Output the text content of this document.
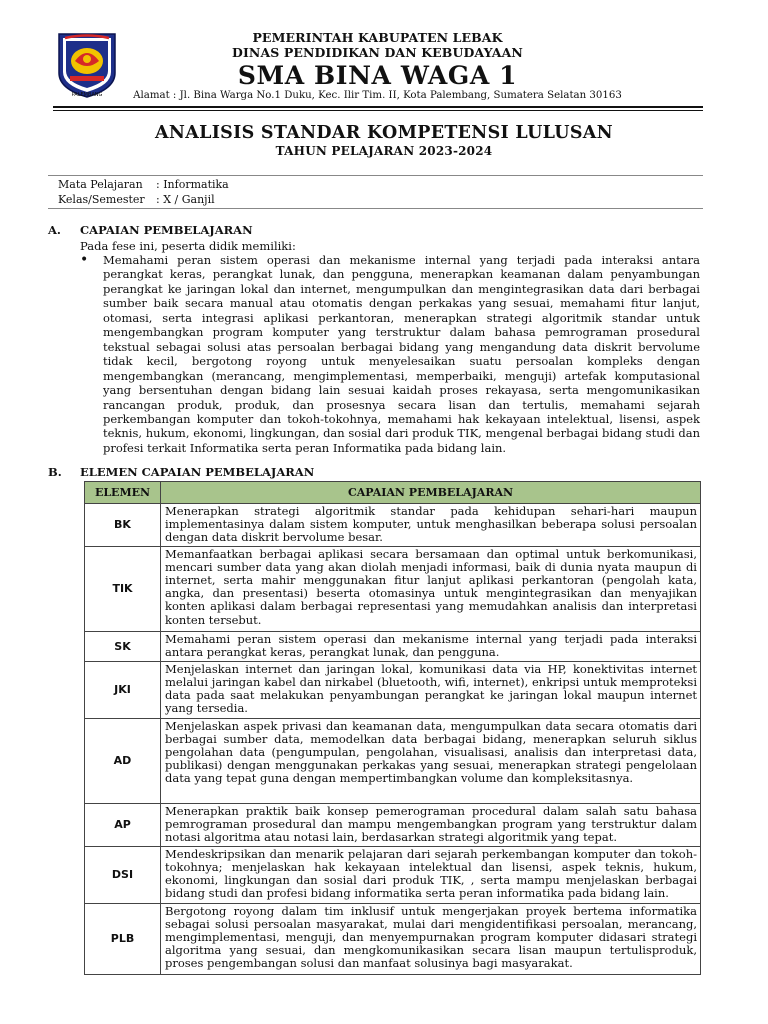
PALEMBANG
PEMERINTAH KABUPATEN LEBAK
DINAS PENDIDIKAN DAN KEBUDAYAAN
SMA BINA WAGA 1
Alamat : Jl. Bina Warga No.1 Duku, Kec. Ilir Tim. II, Kota Palembang, Sumatera Selatan 30163
ANALISIS STANDAR KOMPETENSI LULUSAN
TAHUN PELAJARAN 2023-2024
Mata Pelajaran : Informatika
Kelas/Semester : X / Ganjil
A. CAPAIAN PEMBELAJARAN
Pada fese ini, peserta didik memiliki:
• Memahami peran sistem operasi dan mekanisme internal yang terjadi pada interaksi antara perangkat keras, perangkat lunak, dan pengguna, menerapkan keamanan dalam penyambungan perangkat ke jaringan lokal dan internet, mengumpulkan dan mengintegrasikan data dari berbagai sumber baik secara manual atau otomatis dengan perkakas yang sesuai, memahami fitur lanjut, otomasi, serta integrasi aplikasi perkantoran, menerapkan strategi algoritmik standar untuk mengembangkan program komputer yang terstruktur dalam bahasa pemrograman prosedural tekstual sebagai solusi atas persoalan berbagai bidang yang mengandung data diskrit bervolume tidak kecil, bergotong royong untuk menyelesaikan suatu persoalan kompleks dengan mengembangkan (merancang, mengimplementasi, memperbaiki, menguji) artefak komputasional yang bersentuhan dengan bidang lain sesuai kaidah proses rekayasa, serta mengomunikasikan rancangan produk, produk, dan prosesnya secara lisan dan tertulis, memahami sejarah perkembangan komputer dan tokoh-tokohnya, memahami hak kekayaan intelektual, lisensi, aspek teknis, hukum, ekonomi, lingkungan, dan sosial dari produk TIK, mengenal berbagai bidang studi dan profesi terkait Informatika serta peran Informatika pada bidang lain.
B. ELEMEN CAPAIAN PEMBELAJARAN
ELEMEN	CAPAIAN PEMBELAJARAN
BK	Menerapkan strategi algoritmik standar pada kehidupan sehari-hari maupun implementasinya dalam sistem komputer, untuk menghasilkan beberapa solusi persoalan dengan data diskrit bervolume besar.
TIK	Memanfaatkan berbagai aplikasi secara bersamaan dan optimal untuk berkomunikasi, mencari sumber data yang akan diolah menjadi informasi, baik di dunia nyata maupun di internet, serta mahir menggunakan fitur lanjut aplikasi perkantoran (pengolah kata, angka, dan presentasi) beserta otomasinya untuk mengintegrasikan dan menyajikan konten aplikasi dalam berbagai representasi yang memudahkan analisis dan interpretasi konten tersebut.
SK	Memahami peran sistem operasi dan mekanisme internal yang terjadi pada interaksi antara perangkat keras, perangkat lunak, dan pengguna.
JKI	Menjelaskan internet dan jaringan lokal, komunikasi data via HP, konektivitas internet melalui jaringan kabel dan nirkabel (bluetooth, wifi, internet), enkripsi untuk memproteksi data pada saat melakukan penyambungan perangkat ke jaringan lokal maupun internet yang tersedia.
AD	Menjelaskan aspek privasi dan keamanan data, mengumpulkan data secara otomatis dari berbagai sumber data, memodelkan data berbagai bidang, menerapkan seluruh siklus pengolahan data (pengumpulan, pengolahan, visualisasi, analisis dan interpretasi data, publikasi) dengan menggunakan perkakas yang sesuai, menerapkan strategi pengelolaan data yang tepat guna dengan mempertimbangkan volume dan kompleksitasnya.
AP	Menerapkan praktik baik konsep pemerograman procedural dalam salah satu bahasa pemrograman prosedural dan mampu mengembangkan program yang terstruktur dalam notasi algoritma atau notasi lain, berdasarkan strategi algoritmik yang tepat.
DSI	Mendeskripsikan dan menarik pelajaran dari sejarah perkembangan komputer dan tokoh-tokohnya; menjelaskan hak kekayaan intelektual dan lisensi, aspek teknis, hukum, ekonomi, lingkungan dan sosial dari produk TIK, , serta mampu menjelaskan berbagai bidang studi dan profesi bidang informatika serta peran informatika pada bidang lain.
PLB	Bergotong royong dalam tim inklusif untuk mengerjakan proyek bertema informatika sebagai solusi persoalan masyarakat, mulai dari mengidentifikasi persoalan, merancang, mengimplementasi, menguji, dan menyempurnakan program komputer didasari strategi algoritma yang sesuai, dan mengkomunikasikan secara lisan maupun tertulisproduk, proses pengembangan solusi dan manfaat solusinya bagi masyarakat.
